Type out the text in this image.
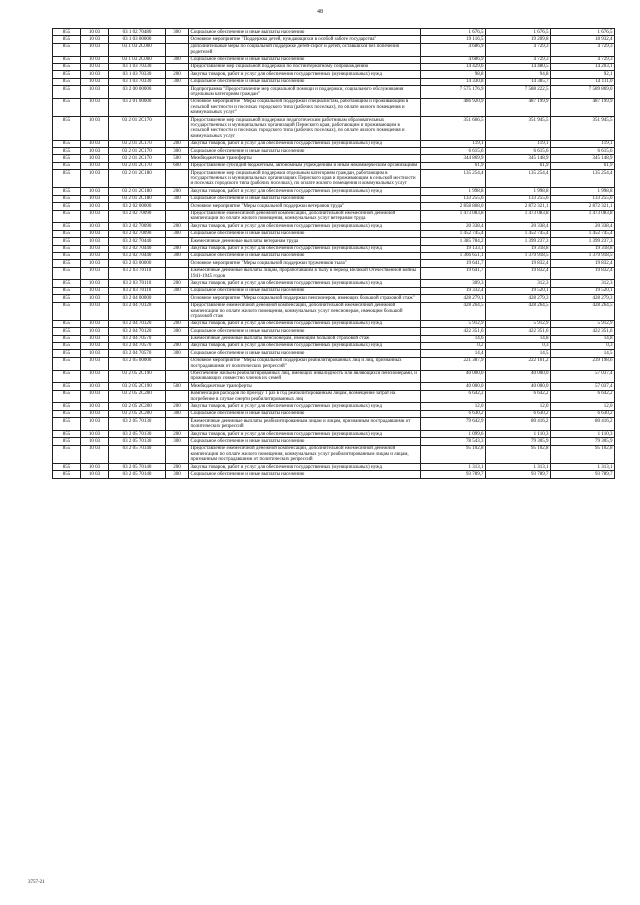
48
855	10 03	03 1 02 70480	300	Социальное обеспечение и иные выплаты населению	1 676,5	1 676,5	1 676,5
855	10 03	03 1 03 00000		Основное мероприятие "Поддержка детей, нуждающихся в особой заботе государства"	19 116,5	19 209,8	18 932,4
855	10 03	03 1 03 2С060		Дополнительные меры по социальной поддержке детей-сирот и детей, оставшихся без попечения родителей	4 686,9	4 729,3	4 729,3
855	10 03	03 1 03 2С060	300	Социальное обеспечение и иные выплаты населению	4 686,9	4 729,3	4 729,3
855	10 03	03 1 03 70330		Предоставление мер социальной поддержки по постинтернатному сопровождению	14 429,6	14 480,5	14 203,1
855	10 03	03 1 03 70330	200	Закупка товаров, работ и услуг для обеспечения государственных (муниципальных) нужд	98,8	94,8	92,1
855	10 03	03 1 03 70330	300	Социальное обеспечение и иные выплаты населению	14 330,8	14 385,7	14 111,0
855	10 03	03 2 00 00000		Подпрограмма "Предоставление мер социальной помощи и поддержки, социального обслуживания отдельным категориям граждан"	7 575 176,9	7 588 222,5	7 589 869,0
855	10 03	03 2 01 00000		Основное мероприятие "Меры социальной поддержки специалистам, работающим и проживающим в сельской местности и поселках городского типа (рабочих поселках), по оплате жилого помещения и коммунальных услуг"	486 920,9	487 199,9	487 199,9
855	10 03	03 2 01 2С170		Предоставление мер социальной поддержки педагогическим работникам образовательных государственных и муниципальных организаций Пермского края, работающим и проживающим в сельской местности и поселках городского типа (рабочих поселках), по оплате жилого помещения и коммунальных услуг	351 666,5	351 945,5	351 945,5
855	10 03	03 2 01 2С170	200	Закупка товаров, работ и услуг для обеспечения государственных (муниципальных) нужд	119,1	119,1	119,1
855	10 03	03 2 01 2С170	300	Социальное обеспечение и иные выплаты населению	6 615,6	6 615,6	6 615,6
855	10 03	03 2 01 2С170	500	Межбюджетные трансферты	344 869,9	345 148,9	345 148,9
855	10 03	03 2 01 2С170	600	Предоставление субсидий бюджетным, автономным учреждениям и иным некоммерческим организациям	61,9	61,9	61,9
855	10 03	03 2 01 2С180		Предоставление мер социальной поддержки отдельным категориям граждан, работающим в государственных и муниципальных организациях Пермского края и проживающим в сельской местности и поселках городского типа (рабочих поселках), по оплате жилого помещения и коммунальных услуг	135 254,4	135 254,4	135 254,4
855	10 03	03 2 01 2С180	200	Закупка товаров, работ и услуг для обеспечения государственных (муниципальных) нужд	1 998,8	1 998,8	1 998,8
855	10 03	03 2 01 2С180	300	Социальное обеспечение и иные выплаты населению	133 255,6	133 255,6	133 255,6
855	10 03	03 2 02 00000		Основное мероприятие "Меры социальной поддержки ветеранов труда"	2 858 868,0	2 872 321,1	2 872 321,1
855	10 03	03 2 02 70090		Предоставление ежемесячной денежной компенсации, дополнительной ежемесячной денежной компенсации по оплате жилого помещения, коммунальных услуг ветеранам труда	1 473 083,8	1 473 083,8	1 473 083,8
855	10 03	03 2 02 70090	200	Закупка товаров, работ и услуг для обеспечения государственных (муниципальных) нужд	20 338,4	20 338,4	20 338,4
855	10 03	03 2 02 70090	300	Социальное обеспечение и иные выплаты населению	1 452 745,4	1 452 745,4	1 452 745,4
855	10 03	03 2 02 70440		Ежемесячные денежные выплаты ветеранам труда	1 385 784,2	1 399 237,3	1 399 237,3
855	10 03	03 2 02 70440	200	Закупка товаров, работ и услуг для обеспечения государственных (муниципальных) нужд	19 133,1	19 318,8	19 318,8
855	10 03	03 2 02 70440	300	Социальное обеспечение и иные выплаты населению	1 366 651,1	1 379 918,5	1 379 918,5
855	10 03	03 2 03 00000		Основное мероприятие "Меры социальной поддержки тружеников тыла"	19 641,7	19 832,4	19 832,4
855	10 03	03 2 03 70110		Ежемесячные денежные выплаты лицам, проработавшим в тылу в период Великой Отечественной войны 1941-1945 годов	19 641,7	19 832,4	19 832,4
855	10 03	03 2 03 70110	200	Закупка товаров, работ и услуг для обеспечения государственных (муниципальных) нужд	309,3	312,3	312,3
855	10 03	03 2 03 70110	300	Социальное обеспечение и иные выплаты населению	19 332,4	19 520,1	19 520,1
855	10 03	03 2 04 00000		Основное мероприятие "Меры социальной поддержки пенсионеров, имеющих большой страховой стаж"	428 279,1	428 279,3	428 279,3
855	10 03	03 2 04 70120		Предоставление ежемесячной денежной компенсации, дополнительной ежемесячной денежной компенсации по оплате жилого помещения, коммунальных услуг пенсионерам, имеющим большой страховой стаж	428 264,5	428 264,5	428 264,5
855	10 03	03 2 04 70120	200	Закупка товаров, работ и услуг для обеспечения государственных (муниципальных) нужд	5 912,9	5 912,9	5 912,9
855	10 03	03 2 04 70120	300	Социальное обеспечение и иные выплаты населению	422 351,6	422 351,6	422 351,6
855	10 03	03 2 04 70570		Ежемесячные денежные выплаты пенсионерам, имеющим большой страховой стаж	14,6	14,8	14,8
855	10 03	03 2 04 70570	200	Закупка товаров, работ и услуг для обеспечения государственных (муниципальных) нужд	0,2	0,3	0,3
855	10 03	03 2 04 70570	300	Социальное обеспечение и иные выплаты населению	14,4	14,5	14,5
855	10 03	03 2 05 00000		Основное мероприятие "Меры социальной поддержки реабилитированных лиц и лиц, признанных пострадавшими от политических репрессий"	221 387,9	222 161,2	239 198,6
855	10 03	03 2 05 2С190		Обеспечение жильем реабилитированных лиц, имеющих инвалидность или являющихся пенсионерами, и проживающих совместно членов их семей	40 000,0	40 000,0	57 037,4
855	10 03	03 2 05 2С190	500	Межбюджетные трансферты	40 000,0	40 000,0	57 037,4
855	10 03	03 2 05 2С200		Компенсация расходов по проезду 1 раз в год реабилитированным лицам, возмещение затрат на погребение в случае смерти реабилитированных лиц	6 642,2	6 642,2	6 642,2
855	10 03	03 2 05 2С200	200	Закупка товаров, работ и услуг для обеспечения государственных (муниципальных) нужд	12,0	12,0	12,0
855	10 03	03 2 05 2С200	300	Социальное обеспечение и иные выплаты населению	6 630,2	6 630,2	6 630,2
855	10 03	03 2 05 70130		Ежемесячные денежные выплаты реабилитированным лицам и лицам, признанным пострадавшими от политических репрессий	79 642,9	80 416,2	80 416,2
855	10 03	03 2 05 70130	200	Закупка товаров, работ и услуг для обеспечения государственных (муниципальных) нужд	1 099,6	1 110,3	1 110,3
855	10 03	03 2 05 70130	300	Социальное обеспечение и иные выплаты населению	78 543,3	79 305,9	79 305,9
855	10 03	03 2 05 70140		Предоставление ежемесячной денежной компенсации, дополнительной ежемесячной денежной компенсации по оплате жилого помещения, коммунальных услуг реабилитированным лицам и лицам, признанным пострадавшими от политических репрессий	95 102,8	95 102,8	95 102,8
855	10 03	03 2 05 70140	200	Закупка товаров, работ и услуг для обеспечения государственных (муниципальных) нужд	1 313,1	1 313,1	1 313,1
855	10 03	03 2 05 70140	300	Социальное обеспечение и иные выплаты населению	93 789,7	93 789,7	93 789,7
3757-21
